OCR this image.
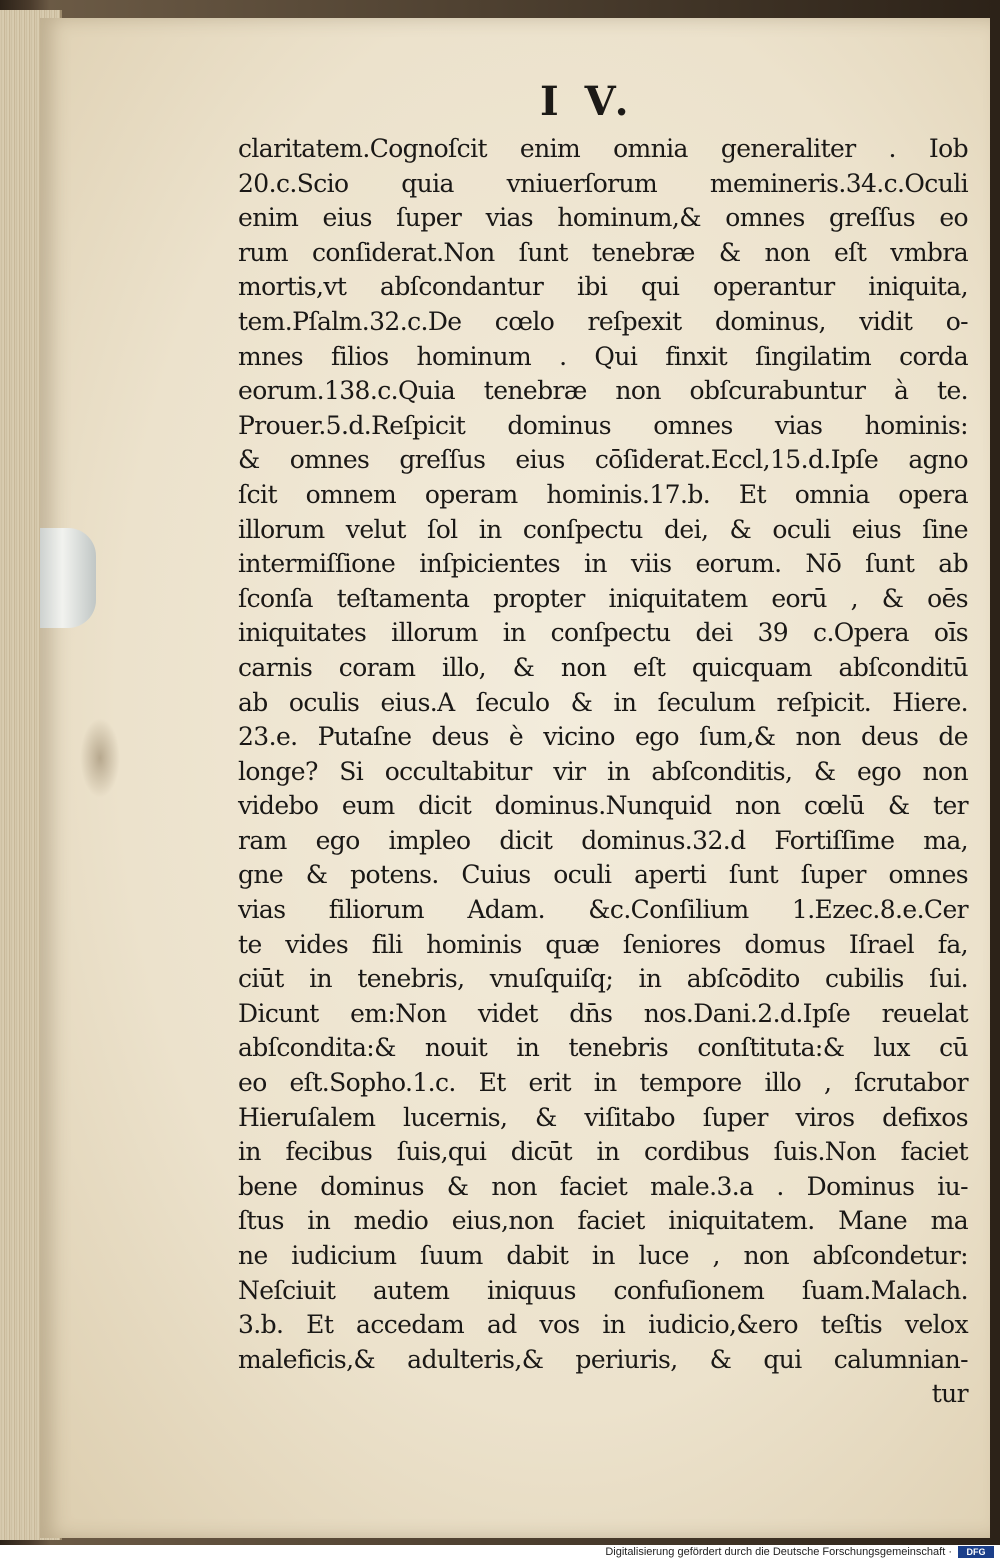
I V.
claritatem.Cognoſcit enim omnia generaliter . Iob
20.c.Scio quia vniuerſorum memineris.34.c.Oculi
enim eius ſuper vias hominum,& omnes greſſus eo
rum conſiderat.Non ſunt tenebræ & non eſt vmbra
mortis,vt abſcondantur ibi qui operantur iniquita,
tem.Pſalm.32.c.De cœlo reſpexit dominus, vidit o-
mnes filios hominum . Qui finxit ſingilatim corda
eorum.138.c.Quia tenebræ non obſcurabuntur à te.
Prouer.5.d.Reſpicit dominus omnes vias hominis:
& omnes greſſus eius cōſiderat.Eccl,15.d.Ipſe agno
ſcit omnem operam hominis.17.b. Et omnia opera
illorum velut ſol in conſpectu dei, & oculi eius ſine
intermiſſione inſpicientes in viis eorum. Nō ſunt ab
ſconſa teſtamenta propter iniquitatem eorū , & oēs
iniquitates illorum in conſpectu dei 39 c.Opera oīs
carnis coram illo, & non eſt quicquam abſconditū
ab oculis eius.A ſeculo & in ſeculum reſpicit. Hiere.
23.e. Putaſne deus è vicino ego ſum,& non deus de
longe? Si occultabitur vir in abſconditis, & ego non
videbo eum dicit dominus.Nunquid non cœlū & ter
ram ego impleo dicit dominus.32.d Fortiſſime ma,
gne & potens. Cuius oculi aperti ſunt ſuper omnes
vias filiorum Adam. &c.Conſilium 1.Ezec.8.e.Cer
te vides fili hominis quæ ſeniores domus Iſrael fa,
ciūt in tenebris, vnuſquiſq; in abſcōdito cubilis ſui.
Dicunt em:Non videt dn̄s nos.Dani.2.d.Ipſe reuelat
abſcondita:& nouit in tenebris conſtituta:& lux cū
eo eſt.Sopho.1.c. Et erit in tempore illo , ſcrutabor
Hieruſalem lucernis, & viſitabo ſuper viros defixos
in fecibus ſuis,qui dicūt in cordibus ſuis.Non faciet
bene dominus & non faciet male.3.a . Dominus iu-
ſtus in medio eius,non faciet iniquitatem. Mane ma
ne iudicium ſuum dabit in luce , non abſcondetur:
Neſciuit autem iniquus confuſionem ſuam.Malach.
3.b. Et accedam ad vos in iudicio,&ero teſtis velox
maleficis,& adulteris,& periuris, & qui calumnian-
tur
Digitalisierung gefördert durch die Deutsche Forschungsgemeinschaft ·	DFG
